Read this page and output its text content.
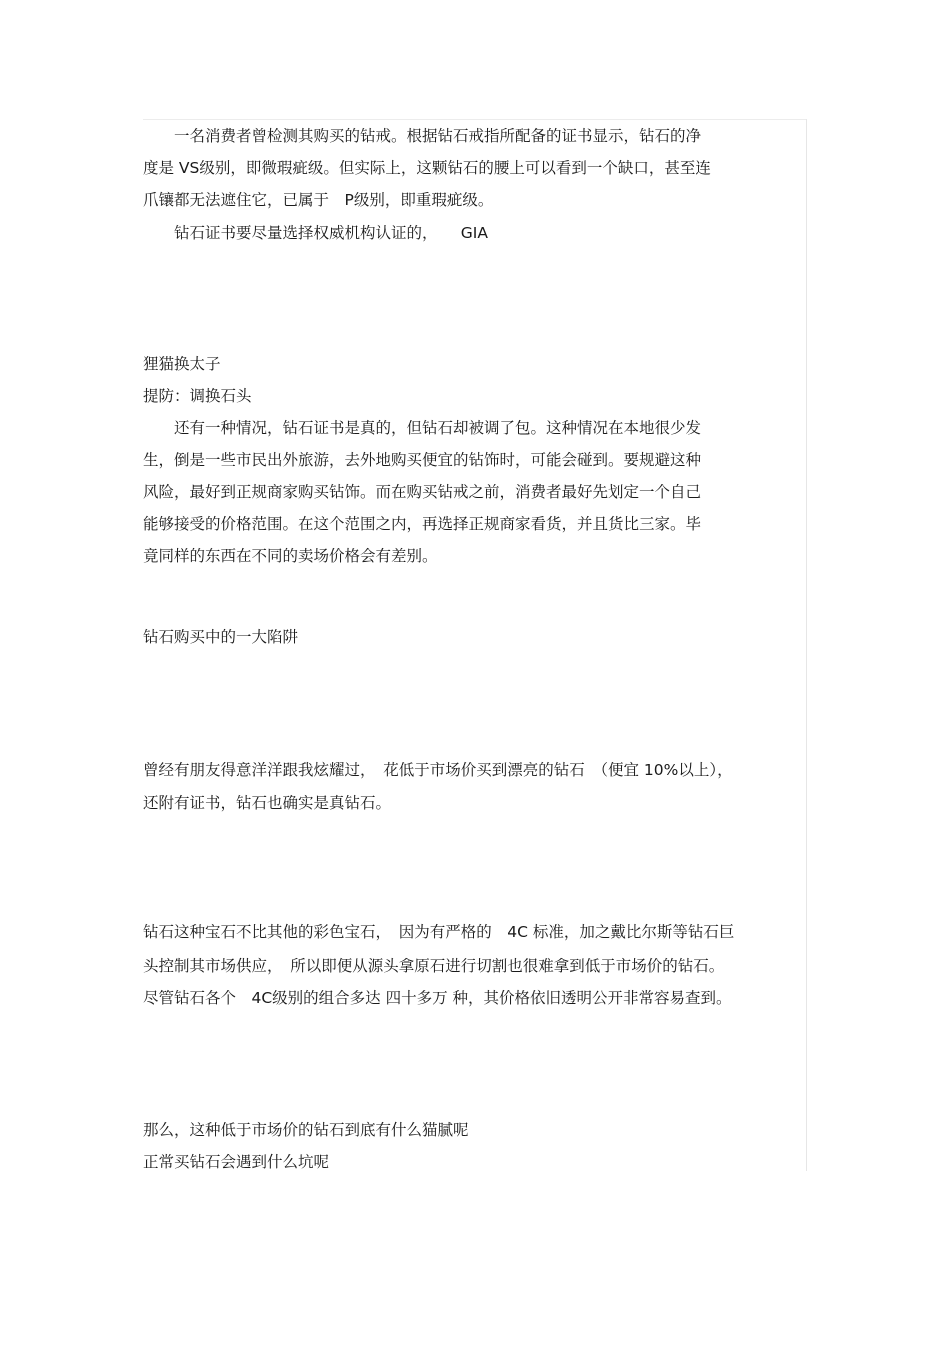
　　一名消费者曾检测其购买的钻戒。根据钻石戒指所配备的证书显示，钻石的净

度是 VS级别，即微瑕疵级。但实际上，这颗钻石的腰上可以看到一个缺口，甚至连

爪镶都无法遮住它，已属于　P级别，即重瑕疵级。

　　钻石证书要尽量选择权威机构认证的，　　GIA

狸猫换太子

提防：调换石头

　　还有一种情况，钻石证书是真的，但钻石却被调了包。这种情况在本地很少发

生，倒是一些市民出外旅游，去外地购买便宜的钻饰时，可能会碰到。要规避这种

风险，最好到正规商家购买钻饰。而在购买钻戒之前，消费者最好先划定一个自己

能够接受的价格范围。在这个范围之内，再选择正规商家看货，并且货比三家。毕

竟同样的东西在不同的卖场价格会有差别。

钻石购买中的一大陷阱

曾经有朋友得意洋洋跟我炫耀过，　花低于市场价买到漂亮的钻石　（便宜 10%以上），

还附有证书，钻石也确实是真钻石。

钻石这种宝石不比其他的彩色宝石，　因为有严格的　4C 标准，加之戴比尔斯等钻石巨

头控制其市场供应，　所以即便从源头拿原石进行切割也很难拿到低于市场价的钻石。

尽管钻石各个　4C级别的组合多达 四十多万 种，其价格依旧透明公开非常容易查到。

那么，这种低于市场价的钻石到底有什么猫腻呢

正常买钻石会遇到什么坑呢
